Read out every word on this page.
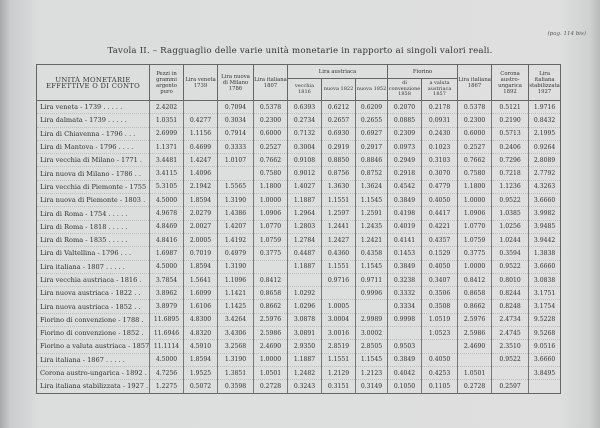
(pag. 114 bis)
Tavola II. – Ragguaglio delle varie unità monetarie in rapporto ai singoli valori reali.
UNITÀ MONETARIE EFFETTIVE O DI CONTO	Pezzi in grammi argento puro	Lira veneta 1739	Lira nuova di Milano 1786	Lira italiana 1807	Lira austriaca			Fiorino		Lira italiana 1867	Corona austro-ungarica 1892	Lira italiana stabilizzata 1927
					vecchia 1816	nuova 1822	nuova 1852	di convenzione 1858	a valuta austriaca 1857			
Lira veneta - 1739 . . . . .	2.4202		0.7094	0.5378	0.6393	0.6212	0.6209	0.2070	0.2178	0.5378	0.5121	1.9716
Lira dalmata - 1739 . . . . .	1.0351	0.4277	0.3034	0.2300	0.2734	0.2657	0.2655	0.0885	0.0931	0.2300	0.2190	0.8432
Lira di Chiavenna - 1796 . . .	2.6999	1.1156	0.7914	0.6000	0.7132	0.6930	0.6927	0.2309	0.2430	0.6000	0.5713	2.1995
Lira di Mantova - 1796 . . . .	1.1371	0.4699	0.3333	0.2527	0.3004	0.2919	0.2917	0.0973	0.1023	0.2527	0.2406	0.9264
Lira vecchia di Milano - 1771 .	3.4481	1.4247	1.0107	0.7662	0.9108	0.8850	0.8846	0.2949	0.3103	0.7662	0.7296	2.8089
Lira nuova di Milano - 1786 . .	3.4115	1.4096		0.7580	0.9012	0.8756	0.8752	0.2918	0.3070	0.7580	0.7218	2.7792
Lira vecchia di Piemonte - 1755	5.3105	2.1942	1.5565	1.1800	1.4027	1.3630	1.3624	0.4542	0.4779	1.1800	1.1236	4.3263
Lira nuova di Piemonte - 1803 .	4.5000	1.8594	1.3190	1.0000	1.1887	1.1551	1.1545	0.3849	0.4050	1.0000	0.9522	3.6660
Lira di Roma - 1754 . . . . .	4.9678	2.0279	1.4386	1.0906	1.2964	1.2597	1.2591	0.4198	0.4417	1.0906	1.0385	3.9982
Lira di Roma - 1818 . . . . .	4.8469	2.0027	1.4207	1.0770	1.2803	1.2441	1.2435	0.4019	0.4221	1.0770	1.0256	3.9485
Lira di Roma - 1835 . . . . .	4.8416	2.0005	1.4192	1.0759	1.2784	1.2427	1.2421	0.4141	0.4357	1.0759	1.0244	3.9442
Lira di Valtellina - 1796 . . .	1.6987	0.7019	0.4979	0.3775	0.4487	0.4360	0.4358	0.1453	0.1529	0.3775	0.3594	1.3838
Lira italiana - 1807 . . . . .	4.5000	1.8594	1.3190		1.1887	1.1551	1.1545	0.3849	0.4050	1.0000	0.9522	3.6660
Lira vecchia austriaca - 1816 .	3.7854	1.5641	1.1096	0.8412		0.9716	0.9711	0.3238	0.3407	0.8412	0.8010	3.0838
Lira nuova austriaca - 1822 . .	3.8962	1.6099	1.1421	0.8658	1.0292		0.9996	0.3332	0.3506	0.8658	0.8244	3.1751
Lira nuova austriaca - 1852 . .	3.8979	1.6106	1.1425	0.8662	1.0296	1.0005		0.3334	0.3508	0.8662	0.8248	3.1754
Fiorino di convenzione - 1788 .	11.6895	4.8300	3.4264	2.5976	3.0878	3.0004	2.9989	0.9998	1.0519	2.5976	2.4734	9.5228
Fiorino di convenzione - 1852 .	11.6946	4.8320	3.4306	2.5986	3.0891	3.0016	3.0002		1.0523	2.5986	2.4745	9.5268
Fiorino a valuta austriaca - 1857	11.1114	4.5910	3.2568	2.4690	2.9350	2.8519	2.8505	0.9503		2.4690	2.3510	9.0516
Lira italiana - 1867 . . . . .	4.5000	1.8594	1.3190	1.0000	1.1887	1.1551	1.1545	0.3849	0.4050		0.9522	3.6660
Corona austro-ungarica - 1892 .	4.7256	1.9525	1.3851	1.0501	1.2482	1.2129	1.2123	0.4042	0.4253	1.0501		3.8495
Lira italiana stabilizzata - 1927 .	1.2275	0.5072	0.3598	0.2728	0.3243	0.3151	0.3149	0.1050	0.1105	0.2728	0.2597	
